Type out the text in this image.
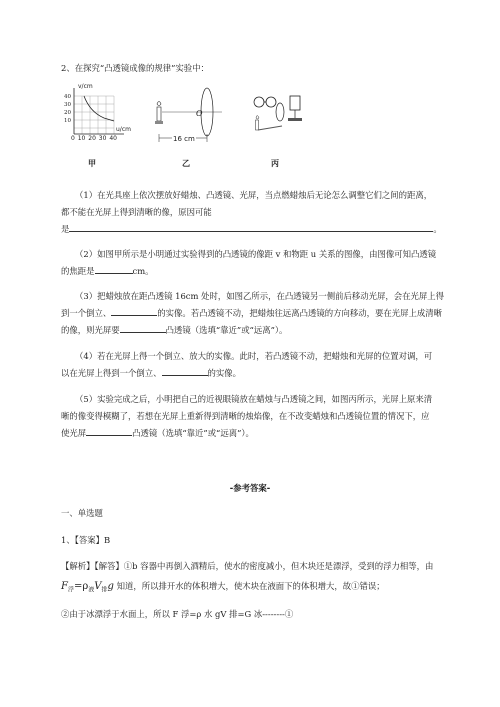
2、在探究“凸透镜成像的规律”实验中：
v/cm
u/cm
40
30
20
10
0 10 20 30 40
O
16 cm
甲	乙	丙
（1）在光具座上依次摆放好蜡烛、凸透镜、光屏，当点燃蜡烛后无论怎么调整它们之间的距离，
都不能在光屏上得到清晰的像，原因可能
是	。
（2）如图甲所示是小明通过实验得到的凸透镜的像距 v 和物距 u 关系的图像，由图像可知凸透镜
的焦距是	cm。
（3）把蜡烛放在距凸透镜 16cm 处时，如图乙所示，在凸透镜另一侧前后移动光屏，会在光屏上得
到一个倒立、	的实像。若凸透镜不动，把蜡烛往远离凸透镜的方向移动，要在光屏上成清晰
的像，则光屏要	凸透镜（选填“靠近”或“远离”）。
（4）若在光屏上得一个倒立、放大的实像。此时，若凸透镜不动，把蜡烛和光屏的位置对调，可
以在光屏上得到一个倒立、	的实像。
（5）实验完成之后，小明把自己的近视眼镜放在蜡烛与凸透镜之间，如图丙所示，光屏上原来清
晰的像变得模糊了，若想在光屏上重新得到清晰的烛焰像，在不改变蜡烛和凸透镜位置的情况下，应
使光屏	凸透镜（选填“靠近”或“远离”）。
-参考答案-
一、单选题
1、【答案】B
【解析】【解答】①b 容器中再倒入酒精后，使水的密度减小，但木块还是漂浮，受到的浮力相等，由
$F_浮=\rho_液V_排g$ 知道，所以排开水的体积增大，使木块在液面下的体积增大，故①错误；
②由于冰漂浮于水面上，所以 F 浮=ρ 水 gV 排=G 冰--------①
